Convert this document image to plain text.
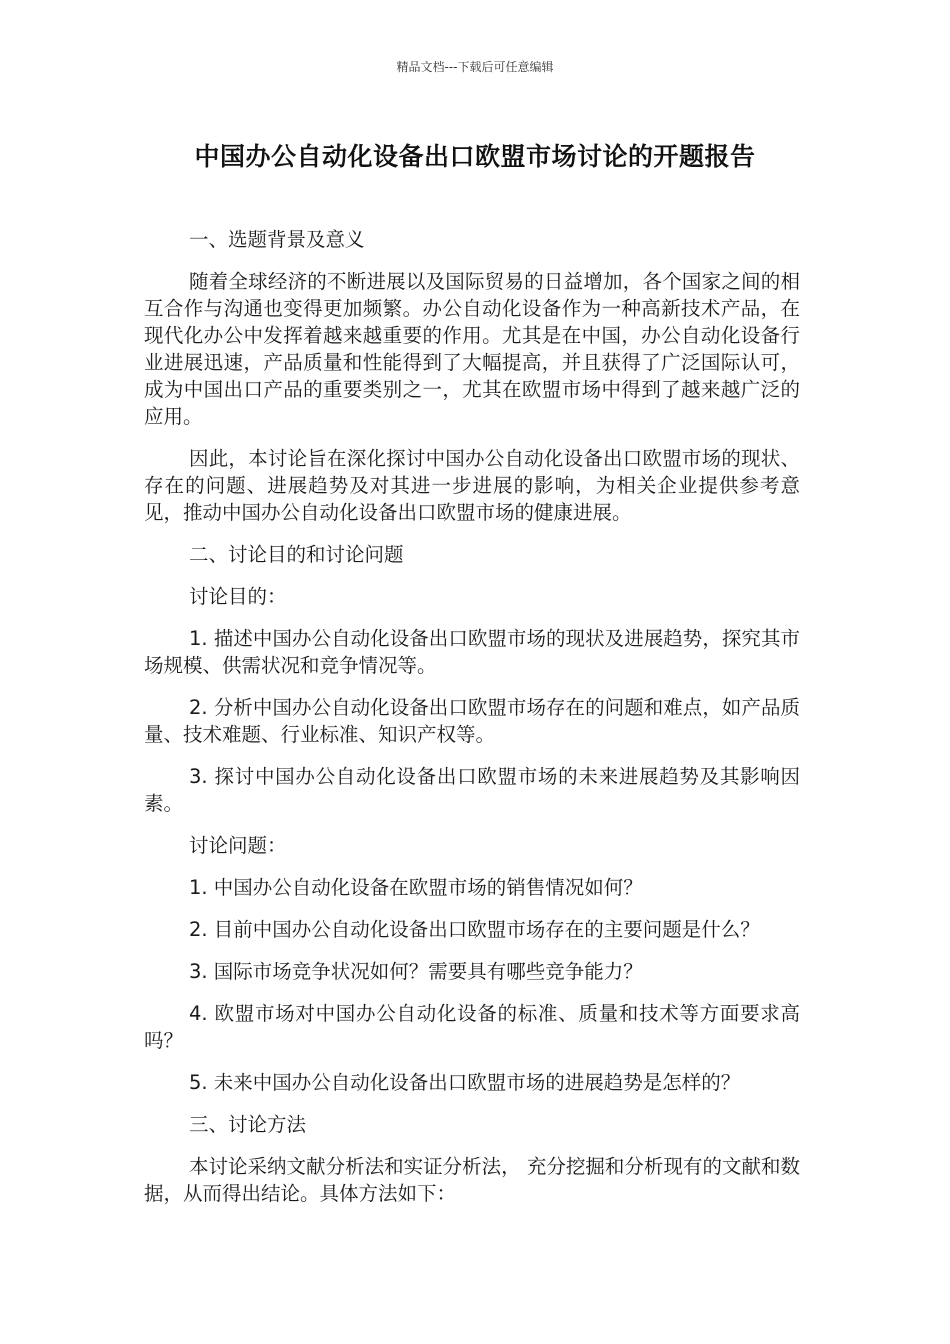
精品文档---下载后可任意编辑
中国办公自动化设备出口欧盟市场讨论的开题报告

一、选题背景及意义

随着全球经济的不断进展以及国际贸易的日益增加，各个国家之间的相互合作与沟通也变得更加频繁。办公自动化设备作为一种高新技术产品，在现代化办公中发挥着越来越重要的作用。尤其是在中国，办公自动化设备行业进展迅速，产品质量和性能得到了大幅提高，并且获得了广泛国际认可， 成为中国出口产品的重要类别之一，尤其在欧盟市场中得到了越来越广泛的应用。

因此，本讨论旨在深化探讨中国办公自动化设备出口欧盟市场的现状、存在的问题、进展趋势及对其进一步进展的影响，为相关企业提供参考意见，推动中国办公自动化设备出口欧盟市场的健康进展。

二、讨论目的和讨论问题

讨论目的：

1. 描述中国办公自动化设备出口欧盟市场的现状及进展趋势，探究其市场规模、供需状况和竞争情况等。

2. 分析中国办公自动化设备出口欧盟市场存在的问题和难点，如产品质量、技术难题、行业标准、知识产权等。

3. 探讨中国办公自动化设备出口欧盟市场的未来进展趋势及其影响因素。

讨论问题：

1. 中国办公自动化设备在欧盟市场的销售情况如何？

2. 目前中国办公自动化设备出口欧盟市场存在的主要问题是什么？

3. 国际市场竞争状况如何？需要具有哪些竞争能力？

4. 欧盟市场对中国办公自动化设备的标准、质量和技术等方面要求高吗？

5. 未来中国办公自动化设备出口欧盟市场的进展趋势是怎样的？

三、讨论方法

本讨论采纳文献分析法和实证分析法， 充分挖掘和分析现有的文献和数据，从而得出结论。具体方法如下：
